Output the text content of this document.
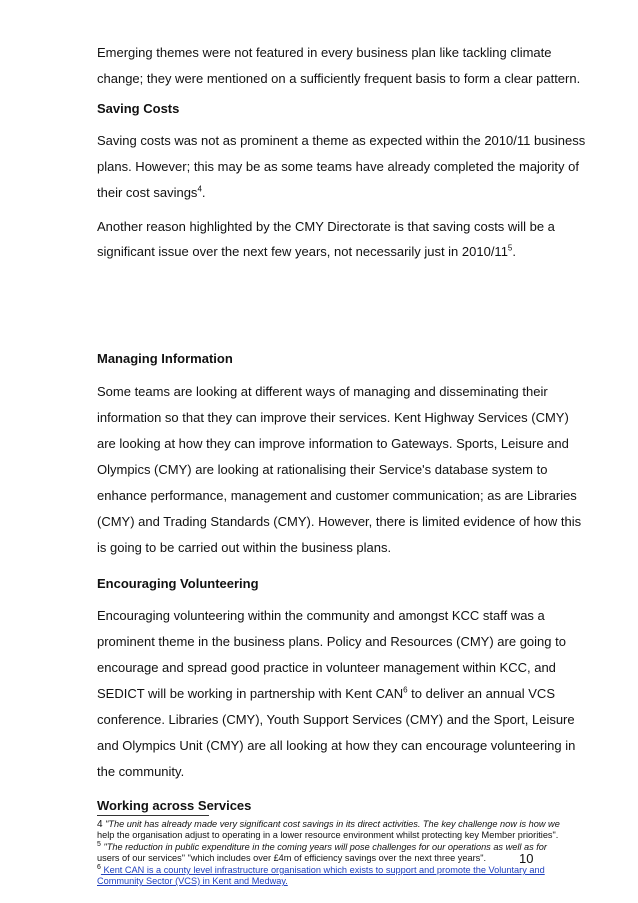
Emerging themes were not featured in every business plan like tackling climate
change; they were mentioned on a sufficiently frequent basis to form a clear pattern.
Saving Costs
Saving costs was not as prominent a theme as expected within the 2010/11 business
plans. However; this may be as some teams have already completed the majority of
their cost savings$^4$.
Another reason highlighted by the CMY Directorate is that saving costs will be a
significant issue over the next few years, not necessarily just in $2010/11^5$.
Managing Information
Some teams are looking at different ways of managing and disseminating their
information so that they can improve their services. Kent Highway Services (CMY)
are looking at how they can improve information to Gateways. Sports, Leisure and
Olympics (CMY) are looking at rationalising their Service's database system to
enhance performance, management and customer communication; as are Libraries
(CMY) and Trading Standards (CMY). However, there is limited evidence of how this
is going to be carried out within the business plans.
Encouraging Volunteering
Encouraging volunteering within the community and amongst KCC staff was a
prominent theme in the business plans. Policy and Resources (CMY) are going to
encourage and spread good practice in volunteer management within KCC, and
SEDICT will be working in partnership with Kent CAN$^6$ to deliver an annual VCS
conference. Libraries (CMY), Youth Support Services (CMY) and the Sport, Leisure
and Olympics Unit (CMY) are all looking at how they can encourage volunteering in
the community.
Working across Services
4 "The unit has already made very significant cost savings in its direct activities. The key challenge now is how we
help the organisation adjust to operating in a lower resource environment whilst protecting key Member priorities".
$^5$ "The reduction in public expenditure in the coming years will pose challenges for our operations as well as for
users of our services" "which includes over £4m of efficiency savings over the next three years".
$^6$ Kent CAN is a county level infrastructure organisation which exists to support and promote the Voluntary and
Community Sector (VCS) in Kent and Medway.
10
